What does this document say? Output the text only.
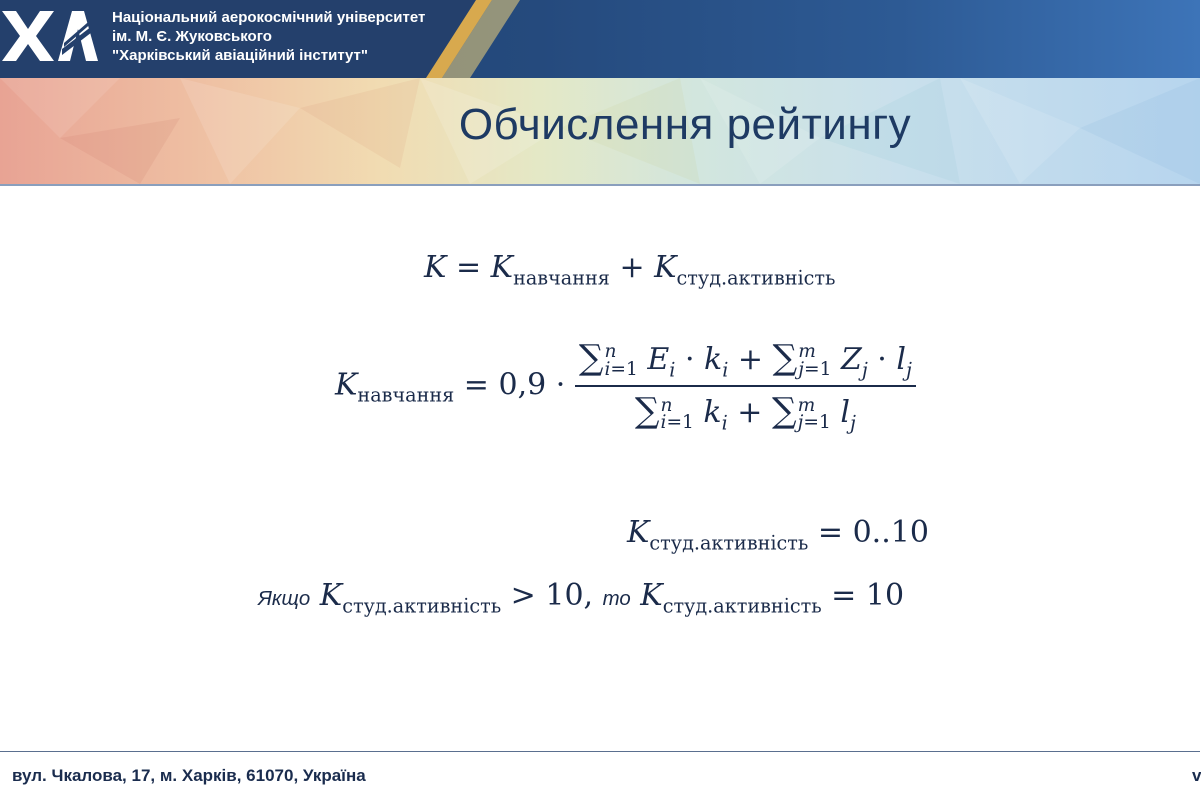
Національний аерокосмічний університет
ім. М. Є. Жуковського
"Харківський авіаційний інститут"
Обчислення рейтингу
$K = K_{навчання} + K_{студ.активність}$
$K_{навчання} = 0,9$ · ∑ n
i=1 $E_i \cdot k_i$ + ∑ m
j=1 $Z_j \cdot l_j$
∑ n
i=1 $k_i$ + ∑ m
j=1 $l_j$
$K_{студ.активність} = 0..10$
Якщо $K_{студ.активність} > 10$, то $K_{студ.активність} = 10$
вул. Чкалова, 17, м. Харків, 61070, Україна	v
